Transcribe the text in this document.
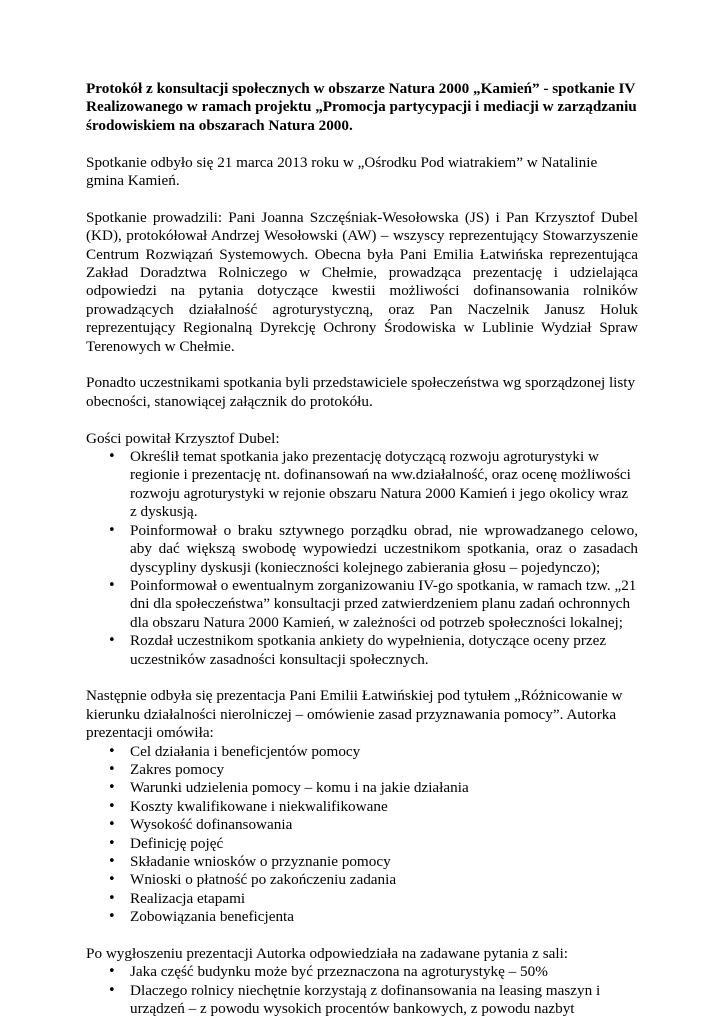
Protokół z konsultacji społecznych w obszarze Natura 2000 „Kamień” - spotkanie IV Realizowanego w ramach projektu „Promocja partycypacji i mediacji w zarządzaniu środowiskiem na obszarach Natura 2000.

Spotkanie odbyło się 21 marca 2013 roku w „Ośrodku Pod wiatrakiem” w Natalinie gmina Kamień.

Spotkanie prowadzili: Pani Joanna Szczęśniak-Wesołowska (JS) i Pan Krzysztof Dubel (KD), protokółował Andrzej Wesołowski (AW) – wszyscy reprezentujący Stowarzyszenie Centrum Rozwiązań Systemowych. Obecna była Pani Emilia Łatwińska reprezentująca Zakład Doradztwa Rolniczego w Chełmie, prowadząca prezentację i udzielająca odpowiedzi na pytania dotyczące kwestii możliwości dofinansowania rolników prowadzących działalność agroturystyczną, oraz Pan Naczelnik Janusz Holuk reprezentujący Regionalną Dyrekcję Ochrony Środowiska w Lublinie Wydział Spraw Terenowych w Chełmie.

Ponadto uczestnikami spotkania byli przedstawiciele społeczeństwa wg sporządzonej listy obecności, stanowiącej załącznik do protokółu.

Gości powitał Krzysztof Dubel:

• Określił temat spotkania jako prezentację dotyczącą rozwoju agroturystyki w regionie i prezentację nt. dofinansowań na ww.działalność, oraz ocenę możliwości rozwoju agroturystyki w rejonie obszaru Natura 2000 Kamień i jego okolicy wraz z dyskusją.
• Poinformował o braku sztywnego porządku obrad, nie wprowadzanego celowo, aby dać większą swobodę wypowiedzi uczestnikom spotkania, oraz o zasadach dyscypliny dyskusji (konieczności kolejnego zabierania głosu – pojedynczo);
• Poinformował o ewentualnym zorganizowaniu IV-go spotkania, w ramach tzw. „21 dni dla społeczeństwa” konsultacji przed zatwierdzeniem planu zadań ochronnych dla obszaru Natura 2000 Kamień, w zależności od potrzeb społeczności lokalnej;
• Rozdał uczestnikom spotkania ankiety do wypełnienia, dotyczące oceny przez uczestników zasadności konsultacji społecznych.

Następnie odbyła się prezentacja Pani Emilii Łatwińskiej pod tytułem „Różnicowanie w kierunku działalności nierolniczej – omówienie zasad przyznawania pomocy”. Autorka prezentacji omówiła:

• Cel działania i beneficjentów pomocy
• Zakres pomocy
• Warunki udzielenia pomocy – komu i na jakie działania
• Koszty kwalifikowane i niekwalifikowane
• Wysokość dofinansowania
• Definicję pojęć
• Składanie wniosków o przyznanie pomocy
• Wnioski o płatność po zakończeniu zadania
• Realizacja etapami
• Zobowiązania beneficjenta

Po wygłoszeniu prezentacji Autorka odpowiedziała na zadawane pytania z sali:

• Jaka część budynku może być przeznaczona na agroturystykę – 50%
• Dlaczego rolnicy niechętnie korzystają z dofinansowania na leasing maszyn i urządzeń – z powodu wysokich procentów bankowych, z powodu nazbyt
